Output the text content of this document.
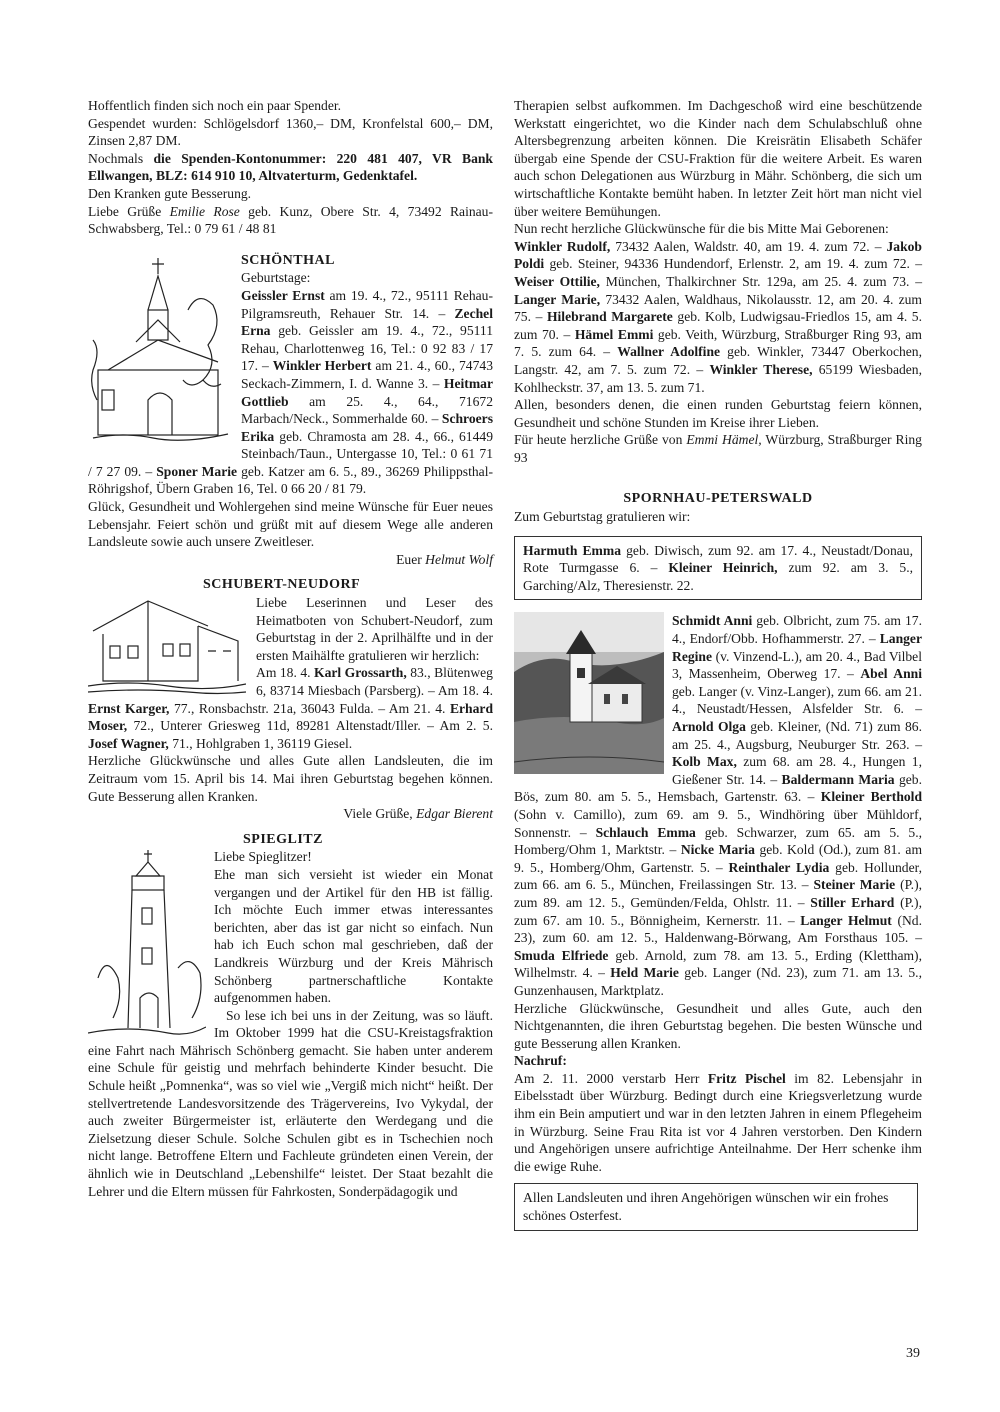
Hoffentlich finden sich noch ein paar Spender.

Gespendet wurden: Schlögelsdorf 1360,– DM, Kronfelstal 600,– DM, Zinsen 2,87 DM.

Nochmals die Spenden-Kontonummer: 220 481 407, VR Bank Ellwangen, BLZ: 614 910 10, Altvaterturm, Gedenktafel.

Den Kranken gute Besserung.

Liebe Grüße Emilie Rose geb. Kunz, Obere Str. 4, 73492 Rainau-Schwabsberg, Tel.: 0 79 61 / 48 81

SCHÖNTHAL

Geburtstage:

Geissler Ernst am 19. 4., 72., 95111 Rehau-Pilgramsreuth, Rehauer Str. 14. – Zechel Erna geb. Geissler am 19. 4., 72., 95111 Rehau, Charlottenweg 16, Tel.: 0 92 83 / 17 17. – Winkler Herbert am 21. 4., 60., 74743 Seckach-Zimmern, I. d. Wanne 3. – Heitmar Gottlieb am 25. 4., 64., 71672 Marbach/Neck., Sommerhalde 60. – Schroers Erika geb. Chramosta am 28. 4., 66., 61449 Steinbach/Taun., Untergasse 10, Tel.: 0 61 71 / 7 27 09. – Sponer Marie geb. Katzer am 6. 5., 89., 36269 Philippsthal-Röhrigshof, Übern Graben 16, Tel. 0 66 20 / 81 79.

Glück, Gesundheit und Wohlergehen sind meine Wünsche für Euer neues Lebensjahr. Feiert schön und grüßt mit auf diesem Wege alle anderen Landsleute sowie auch unsere Zweitleser.

Euer Helmut Wolf

SCHUBERT-NEUDORF

Liebe Leserinnen und Leser des Heimatboten von Schubert-Neudorf, zum Geburtstag in der 2. Aprilhälfte und in der ersten Maihälfte gratulieren wir herzlich:

Am 18. 4. Karl Grossarth, 83., Blütenweg 6, 83714 Miesbach (Parsberg). – Am 18. 4. Ernst Karger, 77., Ronsbachstr. 21a, 36043 Fulda. – Am 21. 4. Erhard Moser, 72., Unterer Griesweg 11d, 89281 Altenstadt/Iller. – Am 2. 5. Josef Wagner, 71., Hohlgraben 1, 36119 Giesel.

Herzliche Glückwünsche und alles Gute allen Landsleuten, die im Zeitraum vom 15. April bis 14. Mai ihren Geburtstag begehen können. Gute Besserung allen Kranken.

Viele Grüße, Edgar Bierent

SPIEGLITZ

Liebe Spieglitzer!

Ehe man sich versieht ist wieder ein Monat vergangen und der Artikel für den HB ist fällig. Ich möchte Euch immer etwas interessantes berichten, aber das ist gar nicht so einfach. Nun hab ich Euch schon mal geschrieben, daß der Landkreis Würzburg und der Kreis Mährisch Schönberg partnerschaftliche Kontakte aufgenommen haben.

So lese ich bei uns in der Zeitung, was so läuft. Im Oktober 1999 hat die CSU-Kreistagsfraktion eine Fahrt nach Mährisch Schönberg gemacht. Sie haben unter anderem eine Schule für geistig und mehrfach behinderte Kinder besucht. Die Schule heißt „Pomnenka“, was so viel wie „Vergiß mich nicht“ heißt. Der stellvertretende Landesvorsitzende des Trägervereins, Ivo Vykydal, der auch zweiter Bürgermeister ist, erläuterte den Werdegang und die Zielsetzung dieser Schule. Solche Schulen gibt es in Tschechien noch nicht lange. Betroffene Eltern und Fachleute gründeten einen Verein, der ähnlich wie in Deutschland „Lebenshilfe“ leistet. Der Staat bezahlt die Lehrer und die Eltern müssen für Fahrkosten, Sonderpädagogik und

Therapien selbst aufkommen. Im Dachgeschoß wird eine beschützende Werkstatt eingerichtet, wo die Kinder nach dem Schulabschluß ohne Altersbegrenzung arbeiten können. Die Kreisrätin Elisabeth Schäfer übergab eine Spende der CSU-Fraktion für die weitere Arbeit. Es waren auch schon Delegationen aus Würzburg in Mähr. Schönberg, die sich um wirtschaftliche Kontakte bemüht haben. In letzter Zeit hört man nicht viel über weitere Bemühungen.

Nun recht herzliche Glückwünsche für die bis Mitte Mai Geborenen:

Winkler Rudolf, 73432 Aalen, Waldstr. 40, am 19. 4. zum 72. – Jakob Poldi geb. Steiner, 94336 Hundendorf, Erlenstr. 2, am 19. 4. zum 72. – Weiser Ottilie, München, Thalkirchner Str. 129a, am 25. 4. zum 73. – Langer Marie, 73432 Aalen, Waldhaus, Nikolausstr. 12, am 20. 4. zum 75. – Hilebrand Margarete geb. Kolb, Ludwigsau-Friedlos 15, am 4. 5. zum 70. – Hämel Emmi geb. Veith, Würzburg, Straßburger Ring 93, am 7. 5. zum 64. – Wallner Adolfine geb. Winkler, 73447 Oberkochen, Langstr. 42, am 7. 5. zum 72. – Winkler Therese, 65199 Wiesbaden, Kohlheckstr. 37, am 13. 5. zum 71.

Allen, besonders denen, die einen runden Geburtstag feiern können, Gesundheit und schöne Stunden im Kreise ihrer Lieben.

Für heute herzliche Grüße von Emmi Hämel, Würzburg, Straßburger Ring 93

SPORNHAU-PETERSWALD

Zum Geburtstag gratulieren wir:

Harmuth Emma geb. Diwisch, zum 92. am 17. 4., Neustadt/Donau, Rote Turmgasse 6. – Kleiner Heinrich, zum 92. am 3. 5., Garching/Alz, Theresienstr. 22.

Schmidt Anni geb. Olbricht, zum 75. am 17. 4., Endorf/Obb. Hofhammerstr. 27. – Langer Regine (v. Vinzend-L.), am 20. 4., Bad Vilbel 3, Massenheim, Oberweg 17. – Abel Anni geb. Langer (v. Vinz-Langer), zum 66. am 21. 4., Neustadt/Hessen, Alsfelder Str. 6. – Arnold Olga geb. Kleiner, (Nd. 71) zum 86. am 25. 4., Augsburg, Neuburger Str. 263. – Kolb Max, zum 68. am 28. 4., Hungen 1, Gießener Str. 14. – Baldermann Maria geb. Bös, zum 80. am 5. 5., Hemsbach, Gartenstr. 63. – Kleiner Berthold (Sohn v. Camillo), zum 69. am 9. 5., Windhöring über Mühldorf, Sonnenstr. – Schlauch Emma geb. Schwarzer, zum 65. am 5. 5., Homberg/Ohm 1, Marktstr. – Nicke Maria geb. Kold (Od.), zum 81. am 9. 5., Homberg/Ohm, Gartenstr. 5. – Reinthaler Lydia geb. Hollunder, zum 66. am 6. 5., München, Freilassingen Str. 13. – Steiner Marie (P.), zum 89. am 12. 5., Gemünden/Felda, Ohlstr. 11. – Stiller Erhard (P.), zum 67. am 10. 5., Bönnigheim, Kernerstr. 11. – Langer Helmut (Nd. 23), zum 60. am 12. 5., Haldenwang-Börwang, Am Forsthaus 105. – Smuda Elfriede geb. Arnold, zum 78. am 13. 5., Erding (Klettham), Wilhelmstr. 4. – Held Marie geb. Langer (Nd. 23), zum 71. am 13. 5., Gunzenhausen, Marktplatz.

Herzliche Glückwünsche, Gesundheit und alles Gute, auch den Nichtgenannten, die ihren Geburtstag begehen. Die besten Wünsche und gute Besserung allen Kranken.

Nachruf:

Am 2. 11. 2000 verstarb Herr Fritz Pischel im 82. Lebensjahr in Eibelsstadt über Würzburg. Bedingt durch eine Kriegsverletzung wurde ihm ein Bein amputiert und war in den letzten Jahren in einem Pflegeheim in Würzburg. Seine Frau Rita ist vor 4 Jahren verstorben. Den Kindern und Angehörigen unsere aufrichtige Anteilnahme. Der Herr schenke ihm die ewige Ruhe.

Allen Landsleuten und ihren Angehörigen wünschen wir ein frohes schönes Osterfest.

39
